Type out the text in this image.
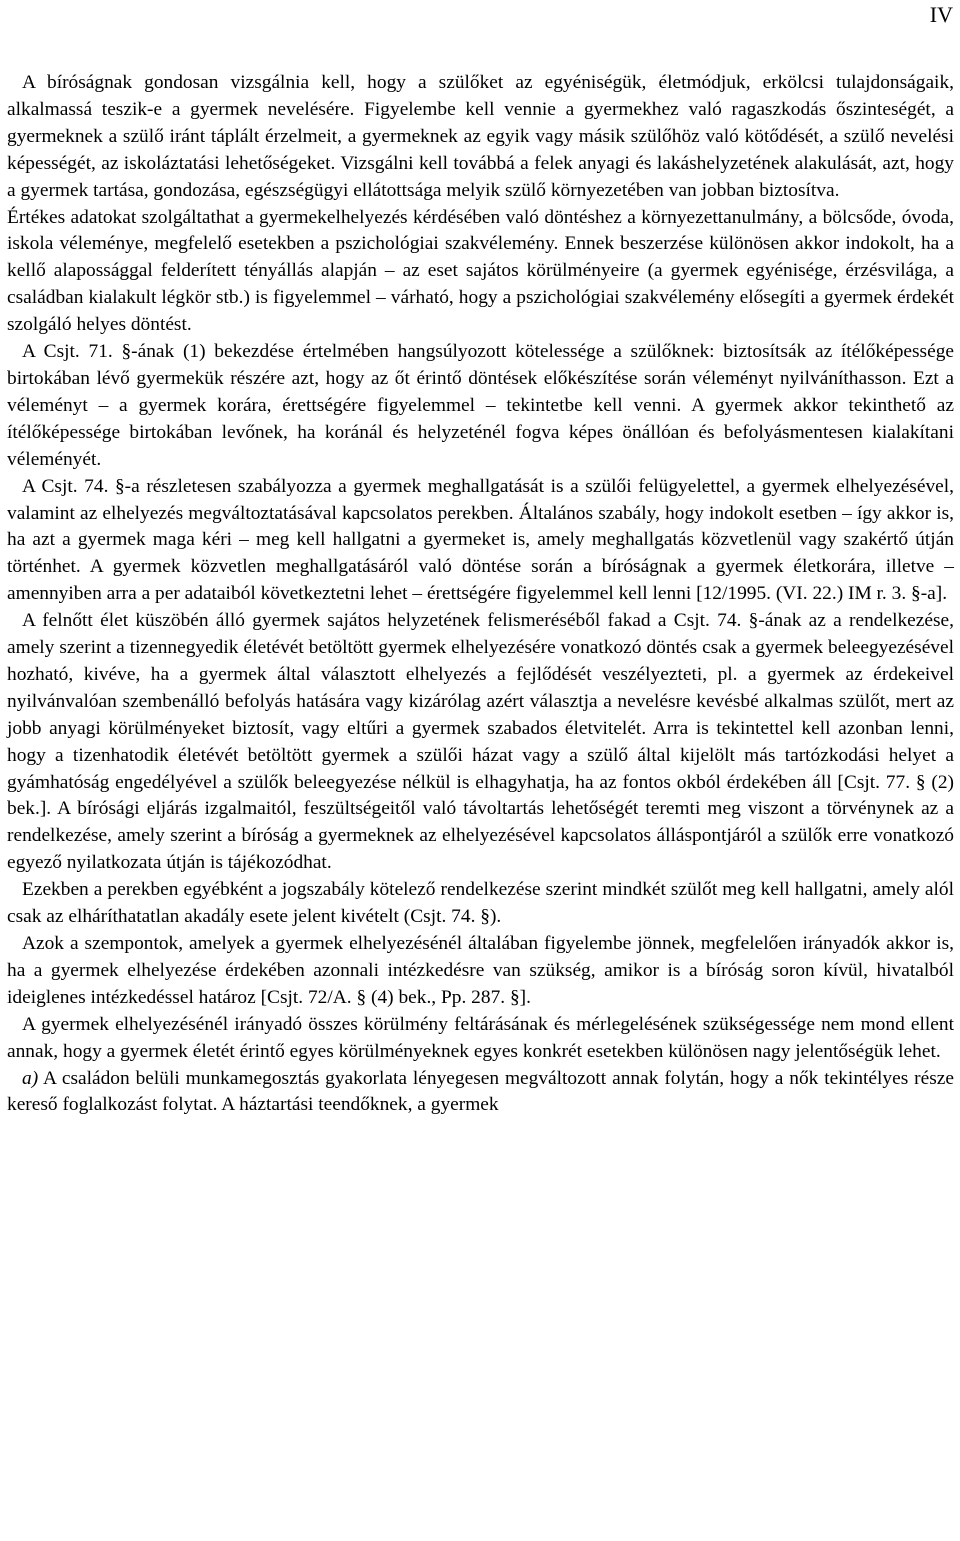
IV

A bíróságnak gondosan vizsgálnia kell, hogy a szülőket az egyéniségük, életmódjuk, erkölcsi tulajdonságaik, alkalmassá teszik-e a gyermek nevelésére. Figyelembe kell vennie a gyermekhez való ragaszkodás őszinteségét, a gyermeknek a szülő iránt táplált érzelmeit, a gyermeknek az egyik vagy másik szülőhöz való kötődését, a szülő nevelési képességét, az iskoláztatási lehetőségeket. Vizsgálni kell továbbá a felek anyagi és lakáshelyzetének alakulását, azt, hogy a gyermek tartása, gondozása, egészségügyi ellátottsága melyik szülő környezetében van jobban biztosítva.

Értékes adatokat szolgáltathat a gyermekelhelyezés kérdésében való döntéshez a környezettanulmány, a bölcsőde, óvoda, iskola véleménye, megfelelő esetekben a pszichológiai szakvélemény. Ennek beszerzése különösen akkor indokolt, ha a kellő alapossággal felderített tényállás alapján – az eset sajátos körülményeire (a gyermek egyénisége, érzésvilága, a családban kialakult légkör stb.) is figyelemmel – várható, hogy a pszichológiai szakvélemény elősegíti a gyermek érdekét szolgáló helyes döntést.

A Csjt. 71. §-ának (1) bekezdése értelmében hangsúlyozott kötelessége a szülőknek: biztosítsák az ítélőképessége birtokában lévő gyermekük részére azt, hogy az őt érintő döntések előkészítése során véleményt nyilváníthasson. Ezt a véleményt – a gyermek korára, érettségére figyelemmel – tekintetbe kell venni. A gyermek akkor tekinthető az ítélőképessége birtokában levőnek, ha koránál és helyzeténél fogva képes önállóan és befolyásmentesen kialakítani véleményét.

A Csjt. 74. §-a részletesen szabályozza a gyermek meghallgatását is a szülői felügyelettel, a gyermek elhelyezésével, valamint az elhelyezés megváltoztatásával kapcsolatos perekben. Általános szabály, hogy indokolt esetben – így akkor is, ha azt a gyermek maga kéri – meg kell hallgatni a gyermeket is, amely meghallgatás közvetlenül vagy szakértő útján történhet. A gyermek közvetlen meghallgatásáról való döntése során a bíróságnak a gyermek életkorára, illetve – amennyiben arra a per adataiból következtetni lehet – érettségére figyelemmel kell lenni [12/1995. (VI. 22.) IM r. 3. §-a].

A felnőtt élet küszöbén álló gyermek sajátos helyzetének felismeréséből fakad a Csjt. 74. §-ának az a rendelkezése, amely szerint a tizennegyedik életévét betöltött gyermek elhelyezésére vonatkozó döntés csak a gyermek beleegyezésével hozható, kivéve, ha a gyermek által választott elhelyezés a fejlődését veszélyezteti, pl. a gyermek az érdekeivel nyilvánvalóan szembenálló befolyás hatására vagy kizárólag azért választja a nevelésre kevésbé alkalmas szülőt, mert az jobb anyagi körülményeket biztosít, vagy eltűri a gyermek szabados életvitelét. Arra is tekintettel kell azonban lenni, hogy a tizenhatodik életévét betöltött gyermek a szülői házat vagy a szülő által kijelölt más tartózkodási helyet a gyámhatóság engedélyével a szülők beleegyezése nélkül is elhagyhatja, ha az fontos okból érdekében áll [Csjt. 77. § (2) bek.]. A bírósági eljárás izgalmaitól, feszültségeitől való távoltartás lehetőségét teremti meg viszont a törvénynek az a rendelkezése, amely szerint a bíróság a gyermeknek az elhelyezésével kapcsolatos álláspontjáról a szülők erre vonatkozó egyező nyilatkozata útján is tájékozódhat.

Ezekben a perekben egyébként a jogszabály kötelező rendelkezése szerint mindkét szülőt meg kell hallgatni, amely alól csak az elháríthatatlan akadály esete jelent kivételt (Csjt. 74. §).

Azok a szempontok, amelyek a gyermek elhelyezésénél általában figyelembe jönnek, megfelelően irányadók akkor is, ha a gyermek elhelyezése érdekében azonnali intézkedésre van szükség, amikor is a bíróság soron kívül, hivatalból ideiglenes intézkedéssel határoz [Csjt. 72/A. § (4) bek., Pp. 287. §].

A gyermek elhelyezésénél irányadó összes körülmény feltárásának és mérlegelésének szükségessége nem mond ellent annak, hogy a gyermek életét érintő egyes körülményeknek egyes konkrét esetekben különösen nagy jelentőségük lehet.

a) A családon belüli munkamegosztás gyakorlata lényegesen megváltozott annak folytán, hogy a nők tekintélyes része kereső foglalkozást folytat. A háztartási teendőknek, a gyermek
